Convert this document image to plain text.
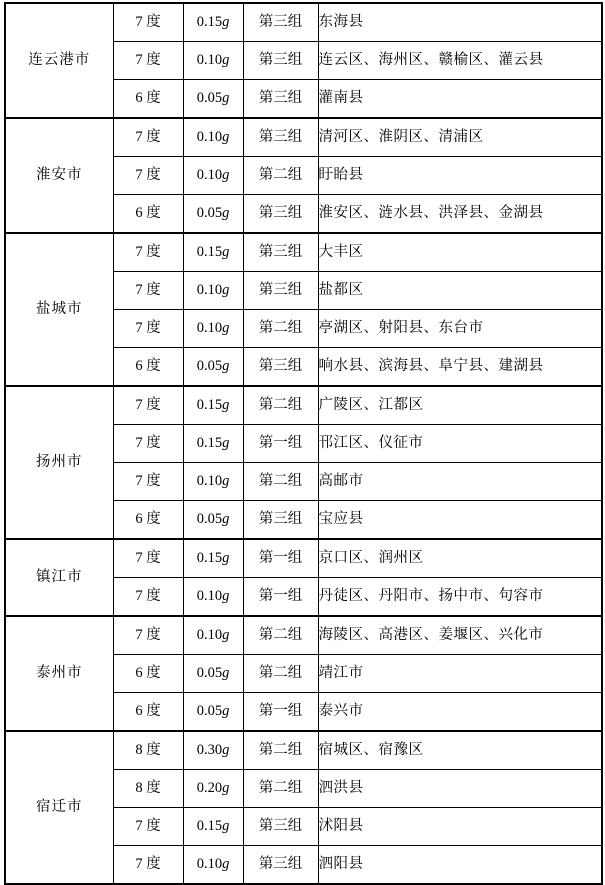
连云港市	7 度	0.15g	第三组	东海县
	7 度	0.10g	第三组	连云区、海州区、赣榆区、灌云县
	6 度	0.05g	第三组	灌南县
淮安市	7 度	0.10g	第三组	清河区、淮阴区、清浦区
	7 度	0.10g	第二组	盱眙县
	6 度	0.05g	第三组	淮安区、涟水县、洪泽县、金湖县
盐城市	7 度	0.15g	第三组	大丰区
	7 度	0.10g	第三组	盐都区
	7 度	0.10g	第二组	亭湖区、射阳县、东台市
	6 度	0.05g	第三组	响水县、滨海县、阜宁县、建湖县
扬州市	7 度	0.15g	第二组	广陵区、江都区
	7 度	0.15g	第一组	邗江区、仪征市
	7 度	0.10g	第二组	高邮市
	6 度	0.05g	第三组	宝应县
镇江市	7 度	0.15g	第一组	京口区、润州区
	7 度	0.10g	第一组	丹徒区、丹阳市、扬中市、句容市
泰州市	7 度	0.10g	第二组	海陵区、高港区、姜堰区、兴化市
	6 度	0.05g	第二组	靖江市
	6 度	0.05g	第一组	泰兴市
宿迁市	8 度	0.30g	第二组	宿城区、宿豫区
	8 度	0.20g	第二组	泗洪县
	7 度	0.15g	第三组	沭阳县
	7 度	0.10g	第三组	泗阳县
